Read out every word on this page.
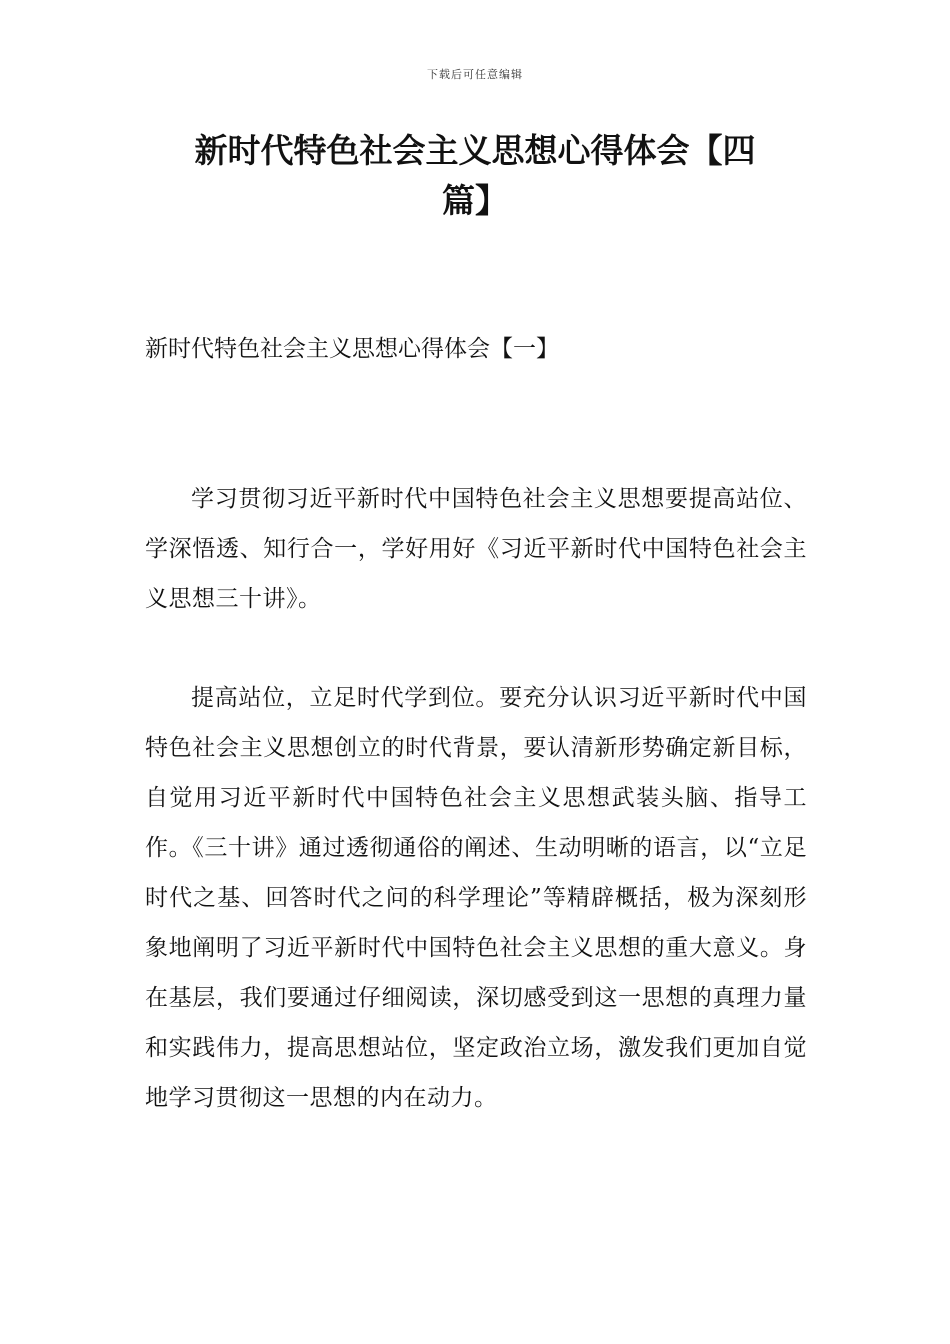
下载后可任意编辑
新时代特色社会主义思想心得体会【四篇】
新时代特色社会主义思想心得体会【一】

学习贯彻习近平新时代中国特色社会主义思想要提高站位、学深悟透、知行合一，学好用好《习近平新时代中国特色社会主义思想三十讲》。

提高站位，立足时代学到位。要充分认识习近平新时代中国特色社会主义思想创立的时代背景，要认清新形势确定新目标，自觉用习近平新时代中国特色社会主义思想武装头脑、指导工作。《三十讲》通过透彻通俗的阐述、生动明晰的语言，以“立足时代之基、回答时代之问的科学理论”等精辟概括，极为深刻形象地阐明了习近平新时代中国特色社会主义思想的重大意义。身在基层，我们要通过仔细阅读，深切感受到这一思想的真理力量和实践伟力，提高思想站位，坚定政治立场，激发我们更加自觉地学习贯彻这一思想的内在动力。
